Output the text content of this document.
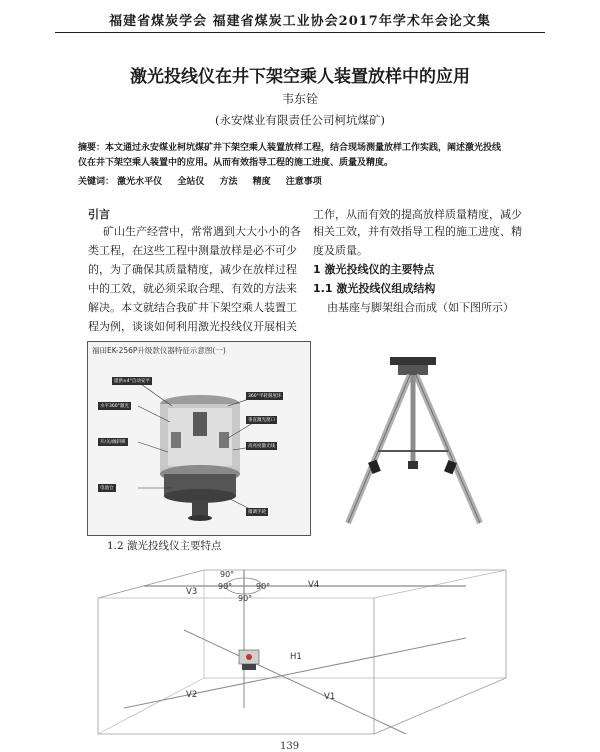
福建省煤炭学会 福建省煤炭工业协会2017年学术年会论文集
激光投线仪在井下架空乘人装置放样中的应用
韦东铨
(永安煤业有限责任公司柯坑煤矿)
摘要：本文通过永安煤业柯坑煤矿井下架空乘人装置放样工程，结合现场测量放样工作实践，阐述激光投线
仪在井下架空乘人装置中的应用。从而有效指导工程的施工进度、质量及精度。
关键词： 激光水平仪 全站仪 方法 精度 注意事项
引言
矿山生产经营中，常常遇到大大小小的各
类工程，在这些工程中测量放样是必不可少
的，为了确保其质量精度，减少在放样过程
中的工效，就必须采取合理、有效的方法来
解决。本文就结合我矿井下架空乘人装置工
程为例，谈谈如何利用激光投线仪开展相关
工作，从而有效的提高放样质量精度，减少
相关工效，并有效指导工程的施工进度、精
度及质量。
1 激光投线仪的主要特点
1.1 激光投线仪组成结构
由基座与脚架组合而成（如下图所示）
福田EK-256P升级款仪器特征示意图(一)
提供±4°自动安平
水平360°激光
开/关/倾斜锁
电池仓
360°平转刻度环
垂直激光窗口
高亮度激光线
微调手轮
1.2 激光投线仪主要特点
90°
90°	90°
90°
V3
V4
V2	V1
H1
139
